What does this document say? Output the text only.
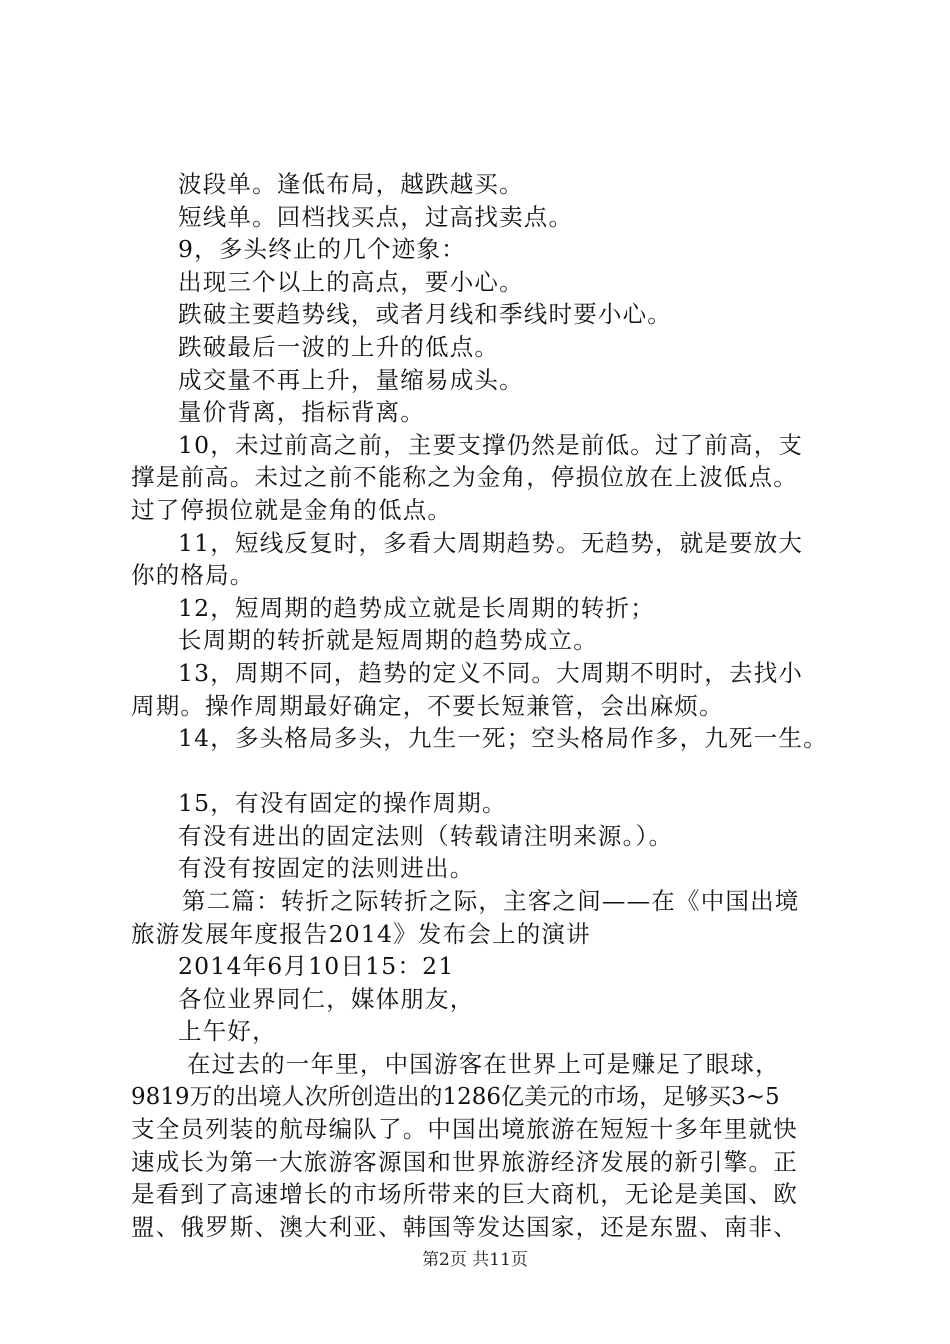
波段单。逢低布局，越跌越买。
短线单。回档找买点，过高找卖点。
9，多头终止的几个迹象：
出现三个以上的高点，要小心。
跌破主要趋势线，或者月线和季线时要小心。
跌破最后一波的上升的低点。
成交量不再上升，量缩易成头。
量价背离，指标背离。
10，未过前高之前，主要支撑仍然是前低。过了前高，支
撑是前高。未过之前不能称之为金角，停损位放在上波低点。
过了停损位就是金角的低点。
11，短线反复时，多看大周期趋势。无趋势，就是要放大
你的格局。
12，短周期的趋势成立就是长周期的转折；
长周期的转折就是短周期的趋势成立。
13，周期不同，趋势的定义不同。大周期不明时，去找小
周期。操作周期最好确定，不要长短兼管，会出麻烦。
14，多头格局多头，九生一死；空头格局作多，九死一生。
15，有没有固定的操作周期。
有没有进出的固定法则（转载请注明来源。）。
有没有按固定的法则进出。
第二篇：转折之际转折之际，主客之间——在《中国出境
旅游发展年度报告2014》发布会上的演讲
2014年6月10日15：21
各位业界同仁，媒体朋友，
上午好，
在过去的一年里，中国游客在世界上可是赚足了眼球，
9819万的出境人次所创造出的1286亿美元的市场，足够买3~5
支全员列装的航母编队了。中国出境旅游在短短十多年里就快
速成长为第一大旅游客源国和世界旅游经济发展的新引擎。正
是看到了高速增长的市场所带来的巨大商机，无论是美国、欧
盟、俄罗斯、澳大利亚、韩国等发达国家，还是东盟、南非、
第2页 共11页
